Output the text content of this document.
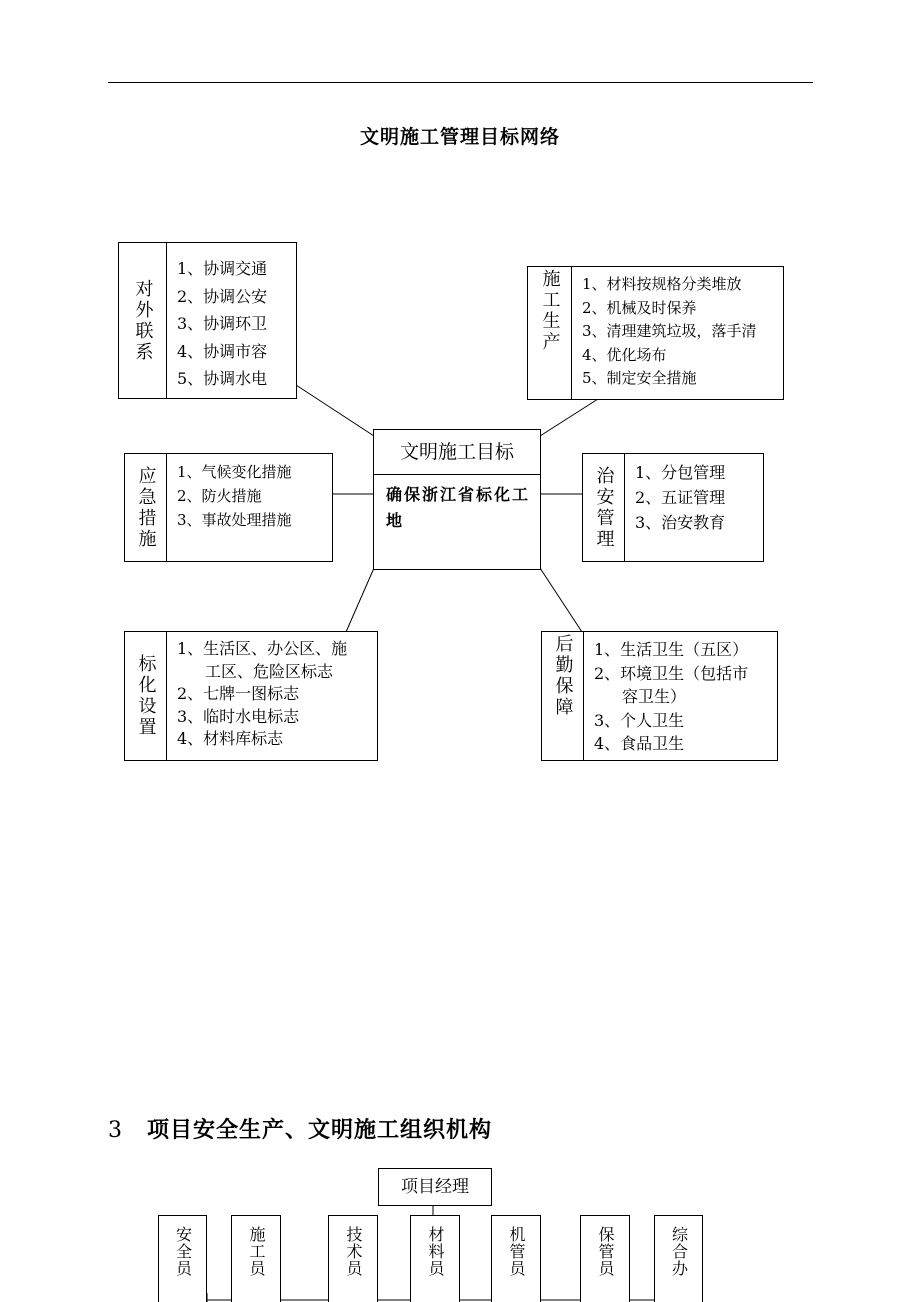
文明施工管理目标网络
对外联系
1、协调交通
2、协调公安
3、协调环卫
4、协调市容
5、协调水电
施工生产 1、材料按规格分类堆放
2、机械及时保养
3、清理建筑垃圾，落手清
4、优化场布
5、制定安全措施
应急措施 1、气候变化措施
2、防火措施
3、事故处理措施
文明施工目标
确保浙江省标化工地	治安管理 1、分包管理
2、五证管理
3、治安教育
标化设置
1、生活区、办公区、施
工区、危险区标志
2、七牌一图标志
3、临时水电标志
4、材料库标志
后勤保障 1、生活卫生（五区）
2、环境卫生（包括市
容卫生）
3、个人卫生
4、食品卫生
3 项目安全生产、文明施工组织机构
项目经理
安全员	施工员	技术员	材料员	机管员	保管员	综合办
